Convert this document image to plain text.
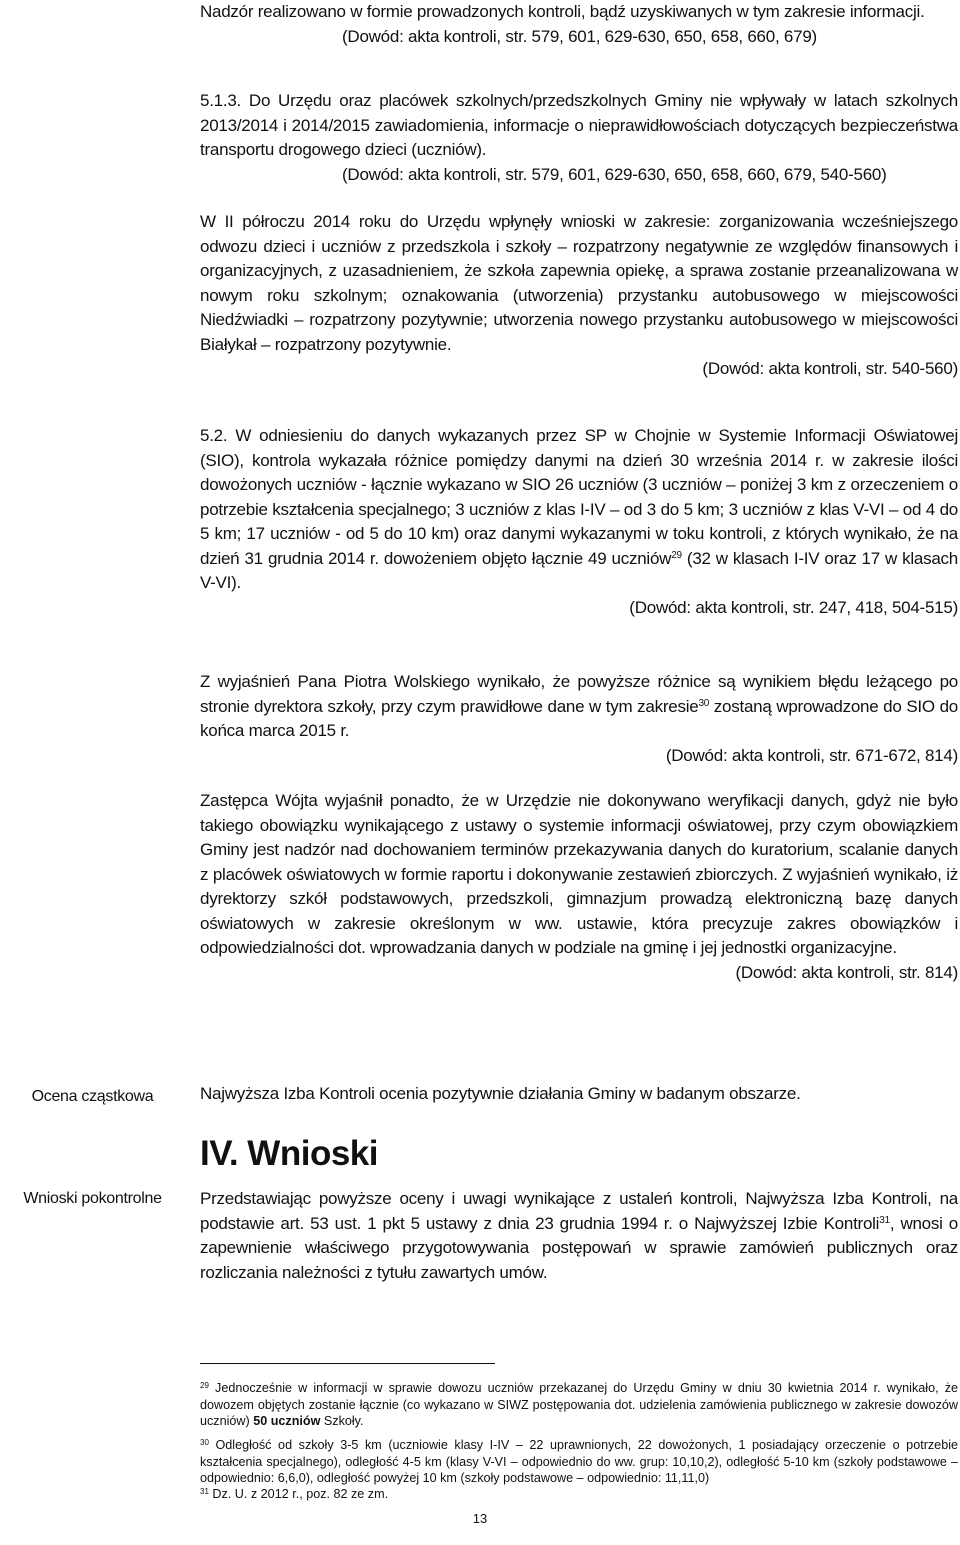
Nadzór realizowano w formie prowadzonych kontroli, bądź uzyskiwanych w tym zakresie informacji.

(Dowód: akta kontroli, str. 579, 601, 629-630, 650, 658, 660, 679)

5.1.3. Do Urzędu oraz placówek szkolnych/przedszkolnych Gminy nie wpływały w latach szkolnych 2013/2014 i 2014/2015 zawiadomienia, informacje o nieprawidłowościach dotyczących bezpieczeństwa transportu drogowego dzieci (uczniów).

(Dowód: akta kontroli, str. 579, 601, 629-630, 650, 658, 660, 679, 540-560)

W II półroczu 2014 roku do Urzędu wpłynęły wnioski w zakresie: zorganizowania wcześniejszego odwozu dzieci i uczniów z przedszkola i szkoły – rozpatrzony negatywnie ze względów finansowych i organizacyjnych, z uzasadnieniem, że szkoła zapewnia opiekę, a sprawa zostanie przeanalizowana w nowym roku szkolnym; oznakowania (utworzenia) przystanku autobusowego w miejscowości Niedźwiadki – rozpatrzony pozytywnie; utworzenia nowego przystanku autobusowego w miejscowości Białykał – rozpatrzony pozytywnie.

(Dowód: akta kontroli, str. 540-560)

5.2. W odniesieniu do danych wykazanych przez SP w Chojnie w Systemie Informacji Oświatowej (SIO), kontrola wykazała różnice pomiędzy danymi na dzień 30 września 2014 r. w zakresie ilości dowożonych uczniów - łącznie wykazano w SIO 26 uczniów (3 uczniów – poniżej 3 km z orzeczeniem o potrzebie kształcenia specjalnego; 3 uczniów z klas I-IV – od 3 do 5 km; 3 uczniów z klas V-VI – od 4 do 5 km; 17 uczniów - od 5 do 10 km) oraz danymi wykazanymi w toku kontroli, z których wynikało, że na dzień 31 grudnia 2014 r. dowożeniem objęto łącznie 49 uczniów$^{29}$ (32 w klasach I-IV oraz 17 w klasach V-VI).

(Dowód: akta kontroli, str. 247, 418, 504-515)

Z wyjaśnień Pana Piotra Wolskiego wynikało, że powyższe różnice są wynikiem błędu leżącego po stronie dyrektora szkoły, przy czym prawidłowe dane w tym zakresie$^{30}$ zostaną wprowadzone do SIO do końca marca 2015 r.

(Dowód: akta kontroli, str. 671-672, 814)

Zastępca Wójta wyjaśnił ponadto, że w Urzędzie nie dokonywano weryfikacji danych, gdyż nie było takiego obowiązku wynikającego z ustawy o systemie informacji oświatowej, przy czym obowiązkiem Gminy jest nadzór nad dochowaniem terminów przekazywania danych do kuratorium, scalanie danych z placówek oświatowych w formie raportu i dokonywanie zestawień zbiorczych. Z wyjaśnień wynikało, iż dyrektorzy szkół podstawowych, przedszkoli, gimnazjum prowadzą elektroniczną bazę danych oświatowych w zakresie określonym w ww. ustawie, która precyzuje zakres obowiązków i odpowiedzialności dot. wprowadzania danych w podziale na gminę i jej jednostki organizacyjne.

(Dowód: akta kontroli, str. 814)

Ocena cząstkowa	Najwyższa Izba Kontroli ocenia pozytywnie działania Gminy w badanym obszarze.

IV. Wnioski
Wnioski pokontrolne	Przedstawiając powyższe oceny i uwagi wynikające z ustaleń kontroli, Najwyższa Izba Kontroli, na podstawie art. 53 ust. 1 pkt 5 ustawy z dnia 23 grudnia 1994 r. o Najwyższej Izbie Kontroli$^{31}$, wnosi o zapewnienie właściwego przygotowywania postępowań w sprawie zamówień publicznych oraz rozliczania należności z tytułu zawartych umów.

$^{29}$ Jednocześnie w informacji w sprawie dowozu uczniów przekazanej do Urzędu Gminy w dniu 30 kwietnia 2014 r. wynikało, że dowozem objętych zostanie łącznie (co wykazano w SIWZ postępowania dot. udzielenia zamówienia publicznego w zakresie dowozów uczniów) 50 uczniów Szkoły.

$^{30}$ Odległość od szkoły 3-5 km (uczniowie klasy I-IV – 22 uprawnionych, 22 dowożonych, 1 posiadający orzeczenie o potrzebie kształcenia specjalnego), odległość 4-5 km (klasy V-VI – odpowiednio do ww. grup: 10,10,2), odległość 5-10 km (szkoły podstawowe – odpowiednio: 6,6,0), odległość powyżej 10 km (szkoły podstawowe – odpowiednio: 11,11,0)

$^{31}$ Dz. U. z 2012 r., poz. 82 ze zm.

13
